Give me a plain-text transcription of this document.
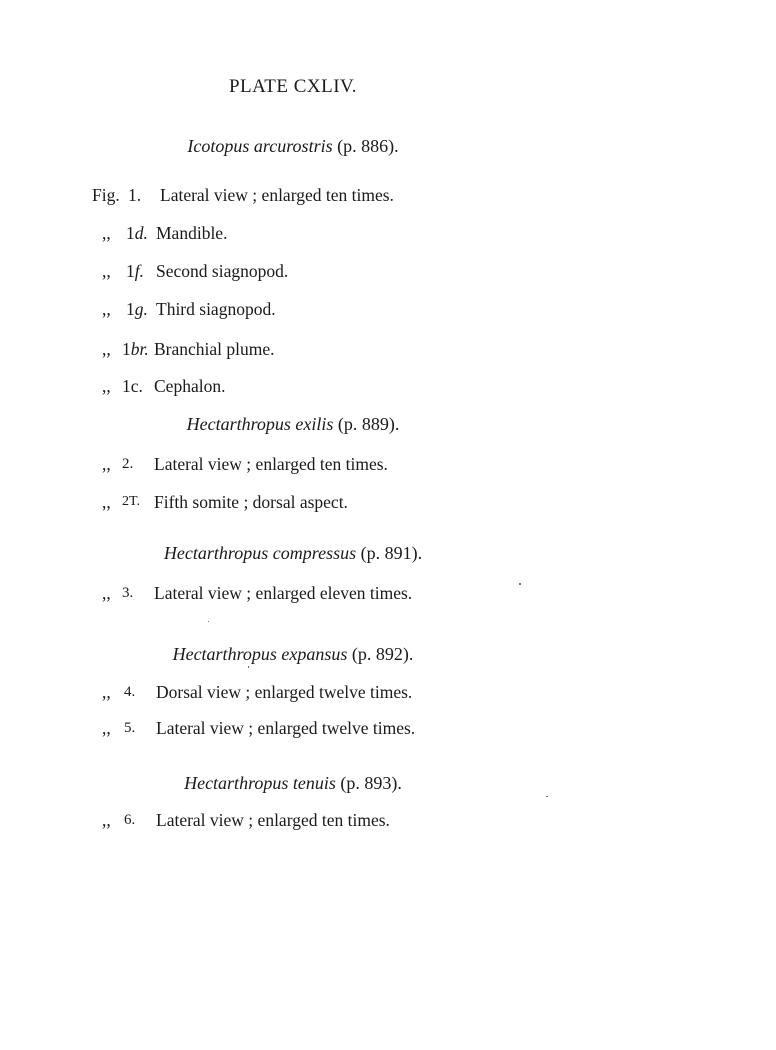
PLATE CXLIV.
Icotopus arcurostris (p. 886).
Fig. 1. Lateral view ; enlarged ten times.
,, 1d. Mandible.
,, 1f. Second siagnopod.
,, 1g. Third siagnopod.
,, 1br. Branchial plume.
,, 1c. Cephalon.
Hectarthropus exilis (p. 889).
,, 2. Lateral view ; enlarged ten times.
,, 2T. Fifth somite ; dorsal aspect.
Hectarthropus compressus (p. 891).
,, 3. Lateral view ; enlarged eleven times.
Hectarthropus expansus (p. 892).
,, 4. Dorsal view ; enlarged twelve times.
,, 5. Lateral view ; enlarged twelve times.
Hectarthropus tenuis (p. 893).
,, 6. Lateral view ; enlarged ten times.
